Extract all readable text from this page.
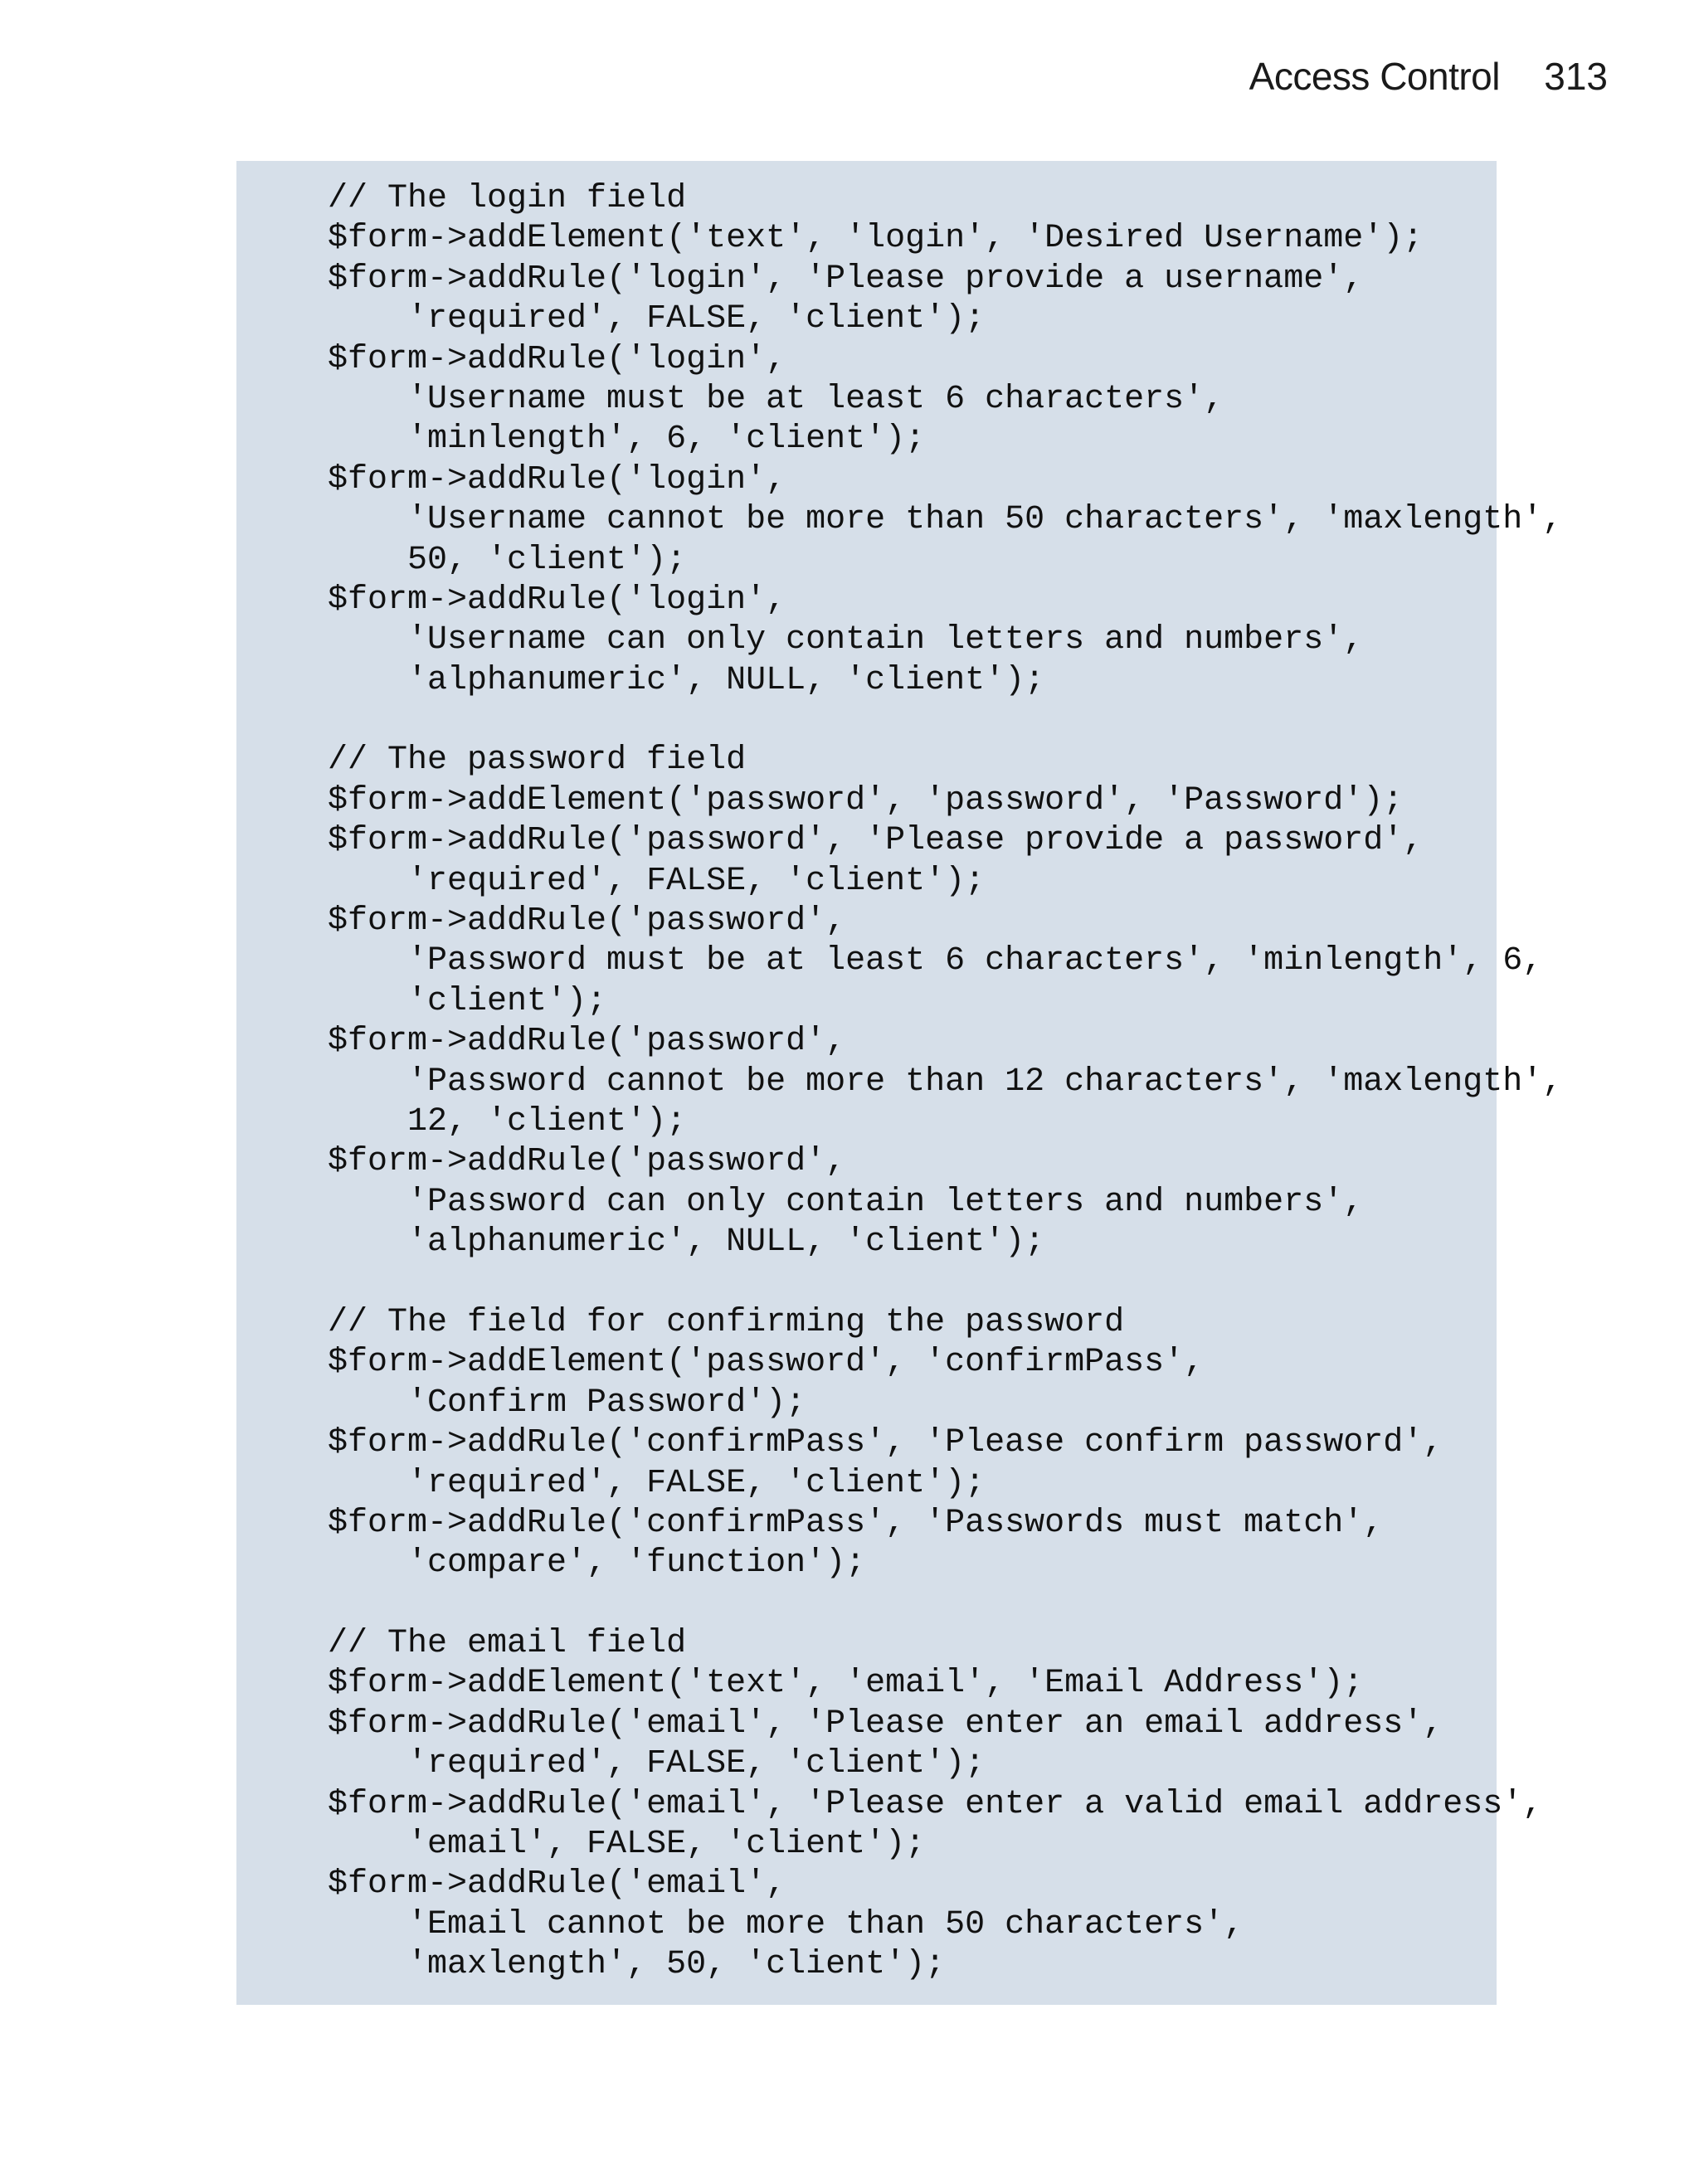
Access Control 313
// The login field
$form->addElement('text', 'login', 'Desired Username');
$form->addRule('login', 'Please provide a username',
'required', FALSE, 'client');
$form->addRule('login',
'Username must be at least 6 characters',
'minlength', 6, 'client');
$form->addRule('login',
'Username cannot be more than 50 characters', 'maxlength',
50, 'client');
$form->addRule('login',
'Username can only contain letters and numbers',
'alphanumeric', NULL, 'client');
// The password field
$form->addElement('password', 'password', 'Password');
$form->addRule('password', 'Please provide a password',
'required', FALSE, 'client');
$form->addRule('password',
'Password must be at least 6 characters', 'minlength', 6,
'client');
$form->addRule('password',
'Password cannot be more than 12 characters', 'maxlength',
12, 'client');
$form->addRule('password',
'Password can only contain letters and numbers',
'alphanumeric', NULL, 'client');
// The field for confirming the password
$form->addElement('password', 'confirmPass',
'Confirm Password');
$form->addRule('confirmPass', 'Please confirm password',
'required', FALSE, 'client');
$form->addRule('confirmPass', 'Passwords must match',
'compare', 'function');
// The email field
$form->addElement('text', 'email', 'Email Address');
$form->addRule('email', 'Please enter an email address',
'required', FALSE, 'client');
$form->addRule('email', 'Please enter a valid email address',
'email', FALSE, 'client');
$form->addRule('email',
'Email cannot be more than 50 characters',
'maxlength', 50, 'client');
